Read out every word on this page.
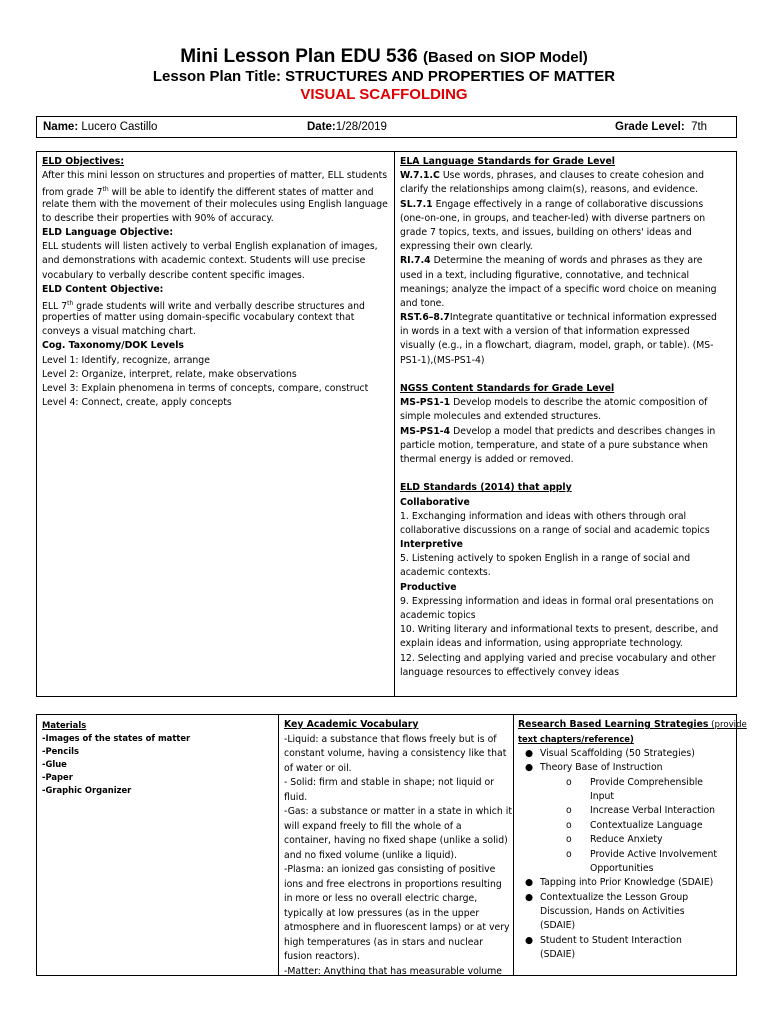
Mini Lesson Plan EDU 536 (Based on SIOP Model)
Lesson Plan Title: STRUCTURES AND PROPERTIES OF MATTER
VISUAL SCAFFOLDING
Name: Lucero Castillo	Date:1/28/2019	Grade Level: 7th
ELD Objectives:
After this mini lesson on structures and properties of matter, ELL students
from grade 7th will be able to identify the different states of matter and
relate them with the movement of their molecules using English language
to describe their properties with 90% of accuracy.
ELD Language Objective:
ELL students will listen actively to verbal English explanation of images,
and demonstrations with academic context. Students will use precise
vocabulary to verbally describe content specific images.
ELD Content Objective:
ELL 7th grade students will write and verbally describe structures and
properties of matter using domain-specific vocabulary context that
conveys a visual matching chart.
Cog. Taxonomy/DOK Levels
Level 1: Identify, recognize, arrange
Level 2: Organize, interpret, relate, make observations
Level 3: Explain phenomena in terms of concepts, compare, construct
Level 4: Connect, create, apply concepts
ELA Language Standards for Grade Level
W.7.1.C Use words, phrases, and clauses to create cohesion and
clarify the relationships among claim(s), reasons, and evidence.
SL.7.1 Engage effectively in a range of collaborative discussions
(one-on-one, in groups, and teacher-led) with diverse partners on
grade 7 topics, texts, and issues, building on others' ideas and
expressing their own clearly.
RI.7.4 Determine the meaning of words and phrases as they are
used in a text, including figurative, connotative, and technical
meanings; analyze the impact of a specific word choice on meaning
and tone.
RST.6–8.7Integrate quantitative or technical information expressed
in words in a text with a version of that information expressed
visually (e.g., in a flowchart, diagram, model, graph, or table). (MS-
PS1-1),(MS-PS1-4)
NGSS Content Standards for Grade Level
MS-PS1-1 Develop models to describe the atomic composition of
simple molecules and extended structures.
MS-PS1-4 Develop a model that predicts and describes changes in
particle motion, temperature, and state of a pure substance when
thermal energy is added or removed.
ELD Standards (2014) that apply
Collaborative
1. Exchanging information and ideas with others through oral
collaborative discussions on a range of social and academic topics
Interpretive
5. Listening actively to spoken English in a range of social and
academic contexts.
Productive
9. Expressing information and ideas in formal oral presentations on
academic topics
10. Writing literary and informational texts to present, describe, and
explain ideas and information, using appropriate technology.
12. Selecting and applying varied and precise vocabulary and other
language resources to effectively convey ideas
Materials
-Images of the states of matter
-Pencils
-Glue
-Paper
-Graphic Organizer
Key Academic Vocabulary
-Liquid: a substance that flows freely but is of
constant volume, having a consistency like that
of water or oil.
- Solid: firm and stable in shape; not liquid or
fluid.
-Gas: a substance or matter in a state in which it
will expand freely to fill the whole of a
container, having no fixed shape (unlike a solid)
and no fixed volume (unlike a liquid).
-Plasma: an ionized gas consisting of positive
ions and free electrons in proportions resulting
in more or less no overall electric charge,
typically at low pressures (as in the upper
atmosphere and in fluorescent lamps) or at very
high temperatures (as in stars and nuclear
fusion reactors).
-Matter: Anything that has measurable volume
Research Based Learning Strategies (provide
text chapters/reference)
● Visual Scaffolding (50 Strategies)
● Theory Base of Instruction
o Provide Comprehensible
Input
o Increase Verbal Interaction
o Contextualize Language
o Reduce Anxiety
o Provide Active Involvement
Opportunities
● Tapping into Prior Knowledge (SDAIE)
● Contextualize the Lesson Group
Discussion, Hands on Activities
(SDAIE)
● Student to Student Interaction
(SDAIE)
